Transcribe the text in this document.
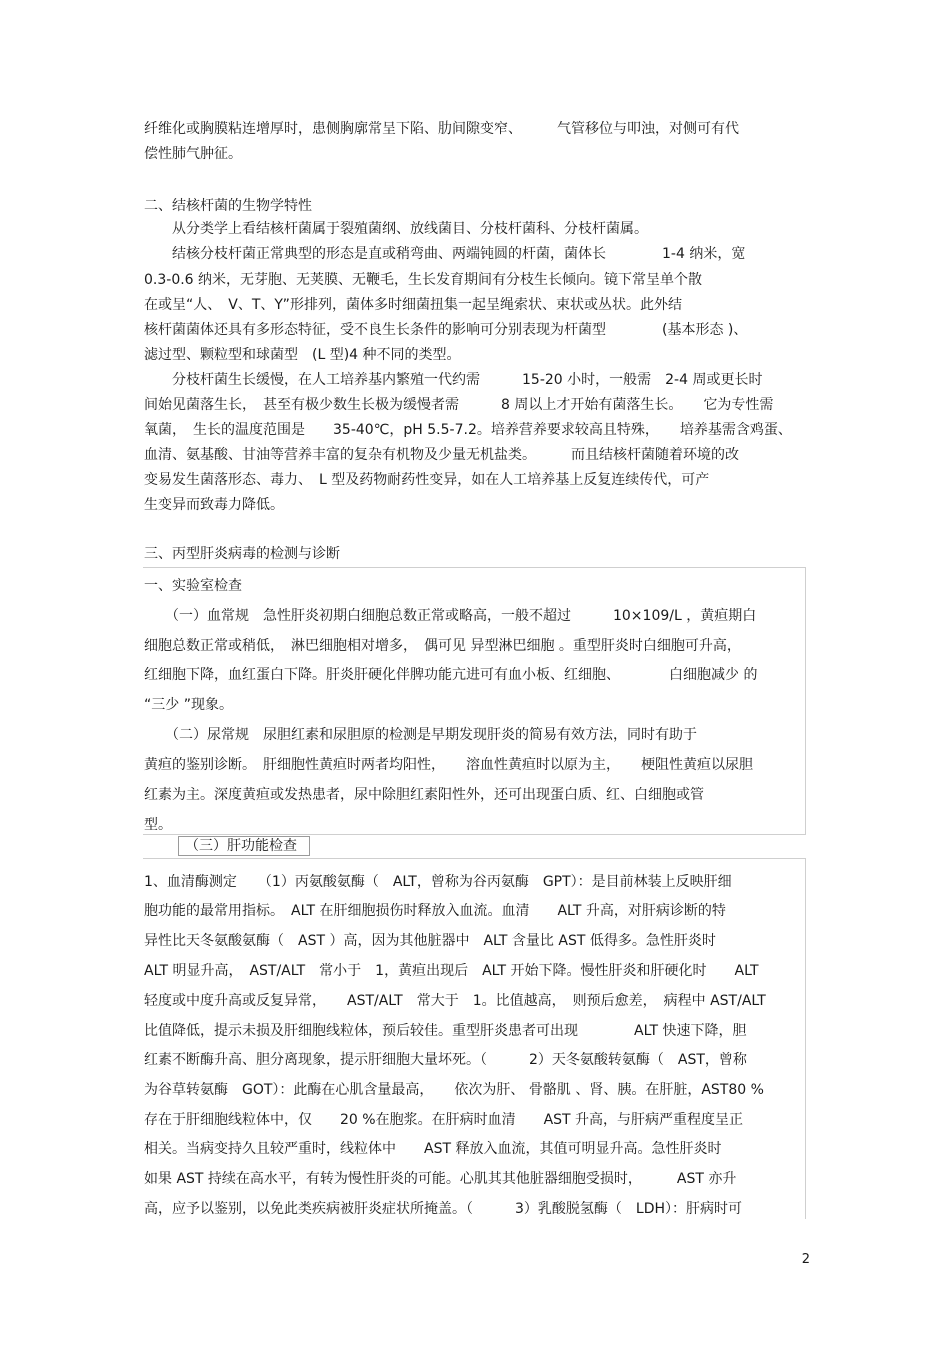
纤维化或胸膜粘连增厚时，患侧胸廓常呈下陷、肋间隙变窄、　　　气管移位与叩浊，对侧可有代
偿性肺气肿征。
二、结核杆菌的生物学特性
　　从分类学上看结核杆菌属于裂殖菌纲、放线菌目、分枝杆菌科、分枝杆菌属。
　　结核分枝杆菌正常典型的形态是直或稍弯曲、两端钝圆的杆菌，菌体长　　　　1-4 纳米，宽
0.3-0.6 纳米，无芽胞、无荚膜、无鞭毛，生长发育期间有分枝生长倾向。镜下常呈单个散
在或呈“人、　V、T、Y”形排列，菌体多时细菌扭集一起呈绳索状、束状或丛状。此外结
核杆菌菌体还具有多形态特征，受不良生长条件的影响可分别表现为杆菌型　　　　(基本形态 )、
滤过型、颗粒型和球菌型　(L 型)4 种不同的类型。
　　分枝杆菌生长缓慢，在人工培养基内繁殖一代约需　　　15-20 小时，一般需　2-4 周或更长时
间始见菌落生长，　甚至有极少数生长极为缓慢者需　　　8 周以上才开始有菌落生长。　　它为专性需
氧菌，　生长的温度范围是　　35-40℃，pH 5.5-7.2。培养营养要求较高且特殊，　　培养基需含鸡蛋、
血清、氨基酸、甘油等营养丰富的复杂有机物及少量无机盐类。　　　而且结核杆菌随着环境的改
变易发生菌落形态、毒力、　L 型及药物耐药性变异，如在人工培养基上反复连续传代，可产
生变异而致毒力降低。
三、丙型肝炎病毒的检测与诊断
一、实验室检查
　　（一）血常规　急性肝炎初期白细胞总数正常或略高，一般不超过　　　10×109/L ，黄疸期白
细胞总数正常或稍低，　淋巴细胞相对增多，　偶可见 异型淋巴细胞 。重型肝炎时白细胞可升高，
红细胞下降，血红蛋白下降。肝炎肝硬化伴脾功能亢进可有血小板、红细胞、　　　　白细胞减少 的
“三少 ”现象。
　　（二）尿常规　尿胆红素和尿胆原的检测是早期发现肝炎的简易有效方法，同时有助于
黄疸的鉴别诊断。　肝细胞性黄疸时两者均阳性，　　溶血性黄疸时以原为主，　　梗阻性黄疸以尿胆
红素为主。深度黄疸或发热患者，尿中除胆红素阳性外，还可出现蛋白质、红、白细胞或管
型。
（三）肝功能检查
1、血清酶测定　　（1）丙氨酸氨酶（　ALT，曾称为谷丙氨酶　GPT）：是目前林装上反映肝细
胞功能的最常用指标。　ALT 在肝细胞损伤时释放入血流。血清　　ALT 升高，对肝病诊断的特
异性比天冬氨酸氨酶（　AST ）高，因为其他脏器中　ALT 含量比 AST 低得多。急性肝炎时
ALT 明显升高，　AST/ALT　常小于　1，黄疸出现后　ALT 开始下降。慢性肝炎和肝硬化时　　ALT
轻度或中度升高或反复异常，　　AST/ALT　常大于　1。比值越高，　则预后愈差，　病程中 AST/ALT
比值降低，提示未损及肝细胞线粒体，预后较佳。重型肝炎患者可出现　　　　ALT 快速下降，胆
红素不断酶升高、胆分离现象，提示肝细胞大量坏死。（　　　2）天冬氨酸转氨酶（　AST，曾称
为谷草转氨酶　GOT）：此酶在心肌含量最高，　　依次为肝、 骨骼肌 、肾、胰。在肝脏，AST80 %
存在于肝细胞线粒体中，仅　　20 %在胞浆。在肝病时血清　　AST 升高，与肝病严重程度呈正
相关。当病变持久且较严重时，线粒体中　　AST 释放入血流，其值可明显升高。急性肝炎时
如果 AST 持续在高水平，有转为慢性肝炎的可能。心肌其其他脏器细胞受损时，　　　AST 亦升
高，应予以鉴别，以免此类疾病被肝炎症状所掩盖。（　　　3）乳酸脱氢酶（　LDH）：肝病时可
2
